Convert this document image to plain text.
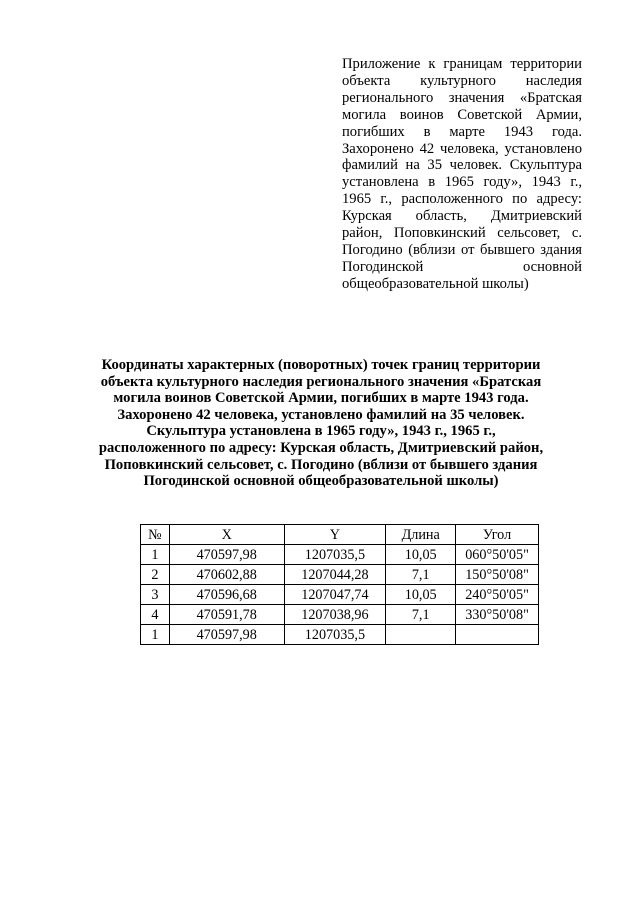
Приложение к границам территории объекта культурного наследия регионального значения «Братская могила воинов Советской Армии, погибших в марте 1943 года. Захоронено 42 человека, установлено фамилий на 35 человек. Скульптура установлена в 1965 году», 1943 г., 1965 г., расположенного по адресу: Курская область, Дмитриевский район, Поповкинский сельсовет, с. Погодино (вблизи от бывшего здания Погодинской основной общеобразовательной школы)
Координаты характерных (поворотных) точек границ территории объекта культурного наследия регионального значения «Братская могила воинов Советской Армии, погибших в марте 1943 года. Захоронено 42 человека, установлено фамилий на 35 человек. Скульптура установлена в 1965 году», 1943 г., 1965 г., расположенного по адресу: Курская область, Дмитриевский район, Поповкинский сельсовет, с. Погодино (вблизи от бывшего здания Погодинской основной общеобразовательной школы)
№	X	Y	Длина	Угол
1	470597,98	1207035,5	10,05	060°50'05"
2	470602,88	1207044,28	7,1	150°50'08"
3	470596,68	1207047,74	10,05	240°50'05"
4	470591,78	1207038,96	7,1	330°50'08"
1	470597,98	1207035,5		
